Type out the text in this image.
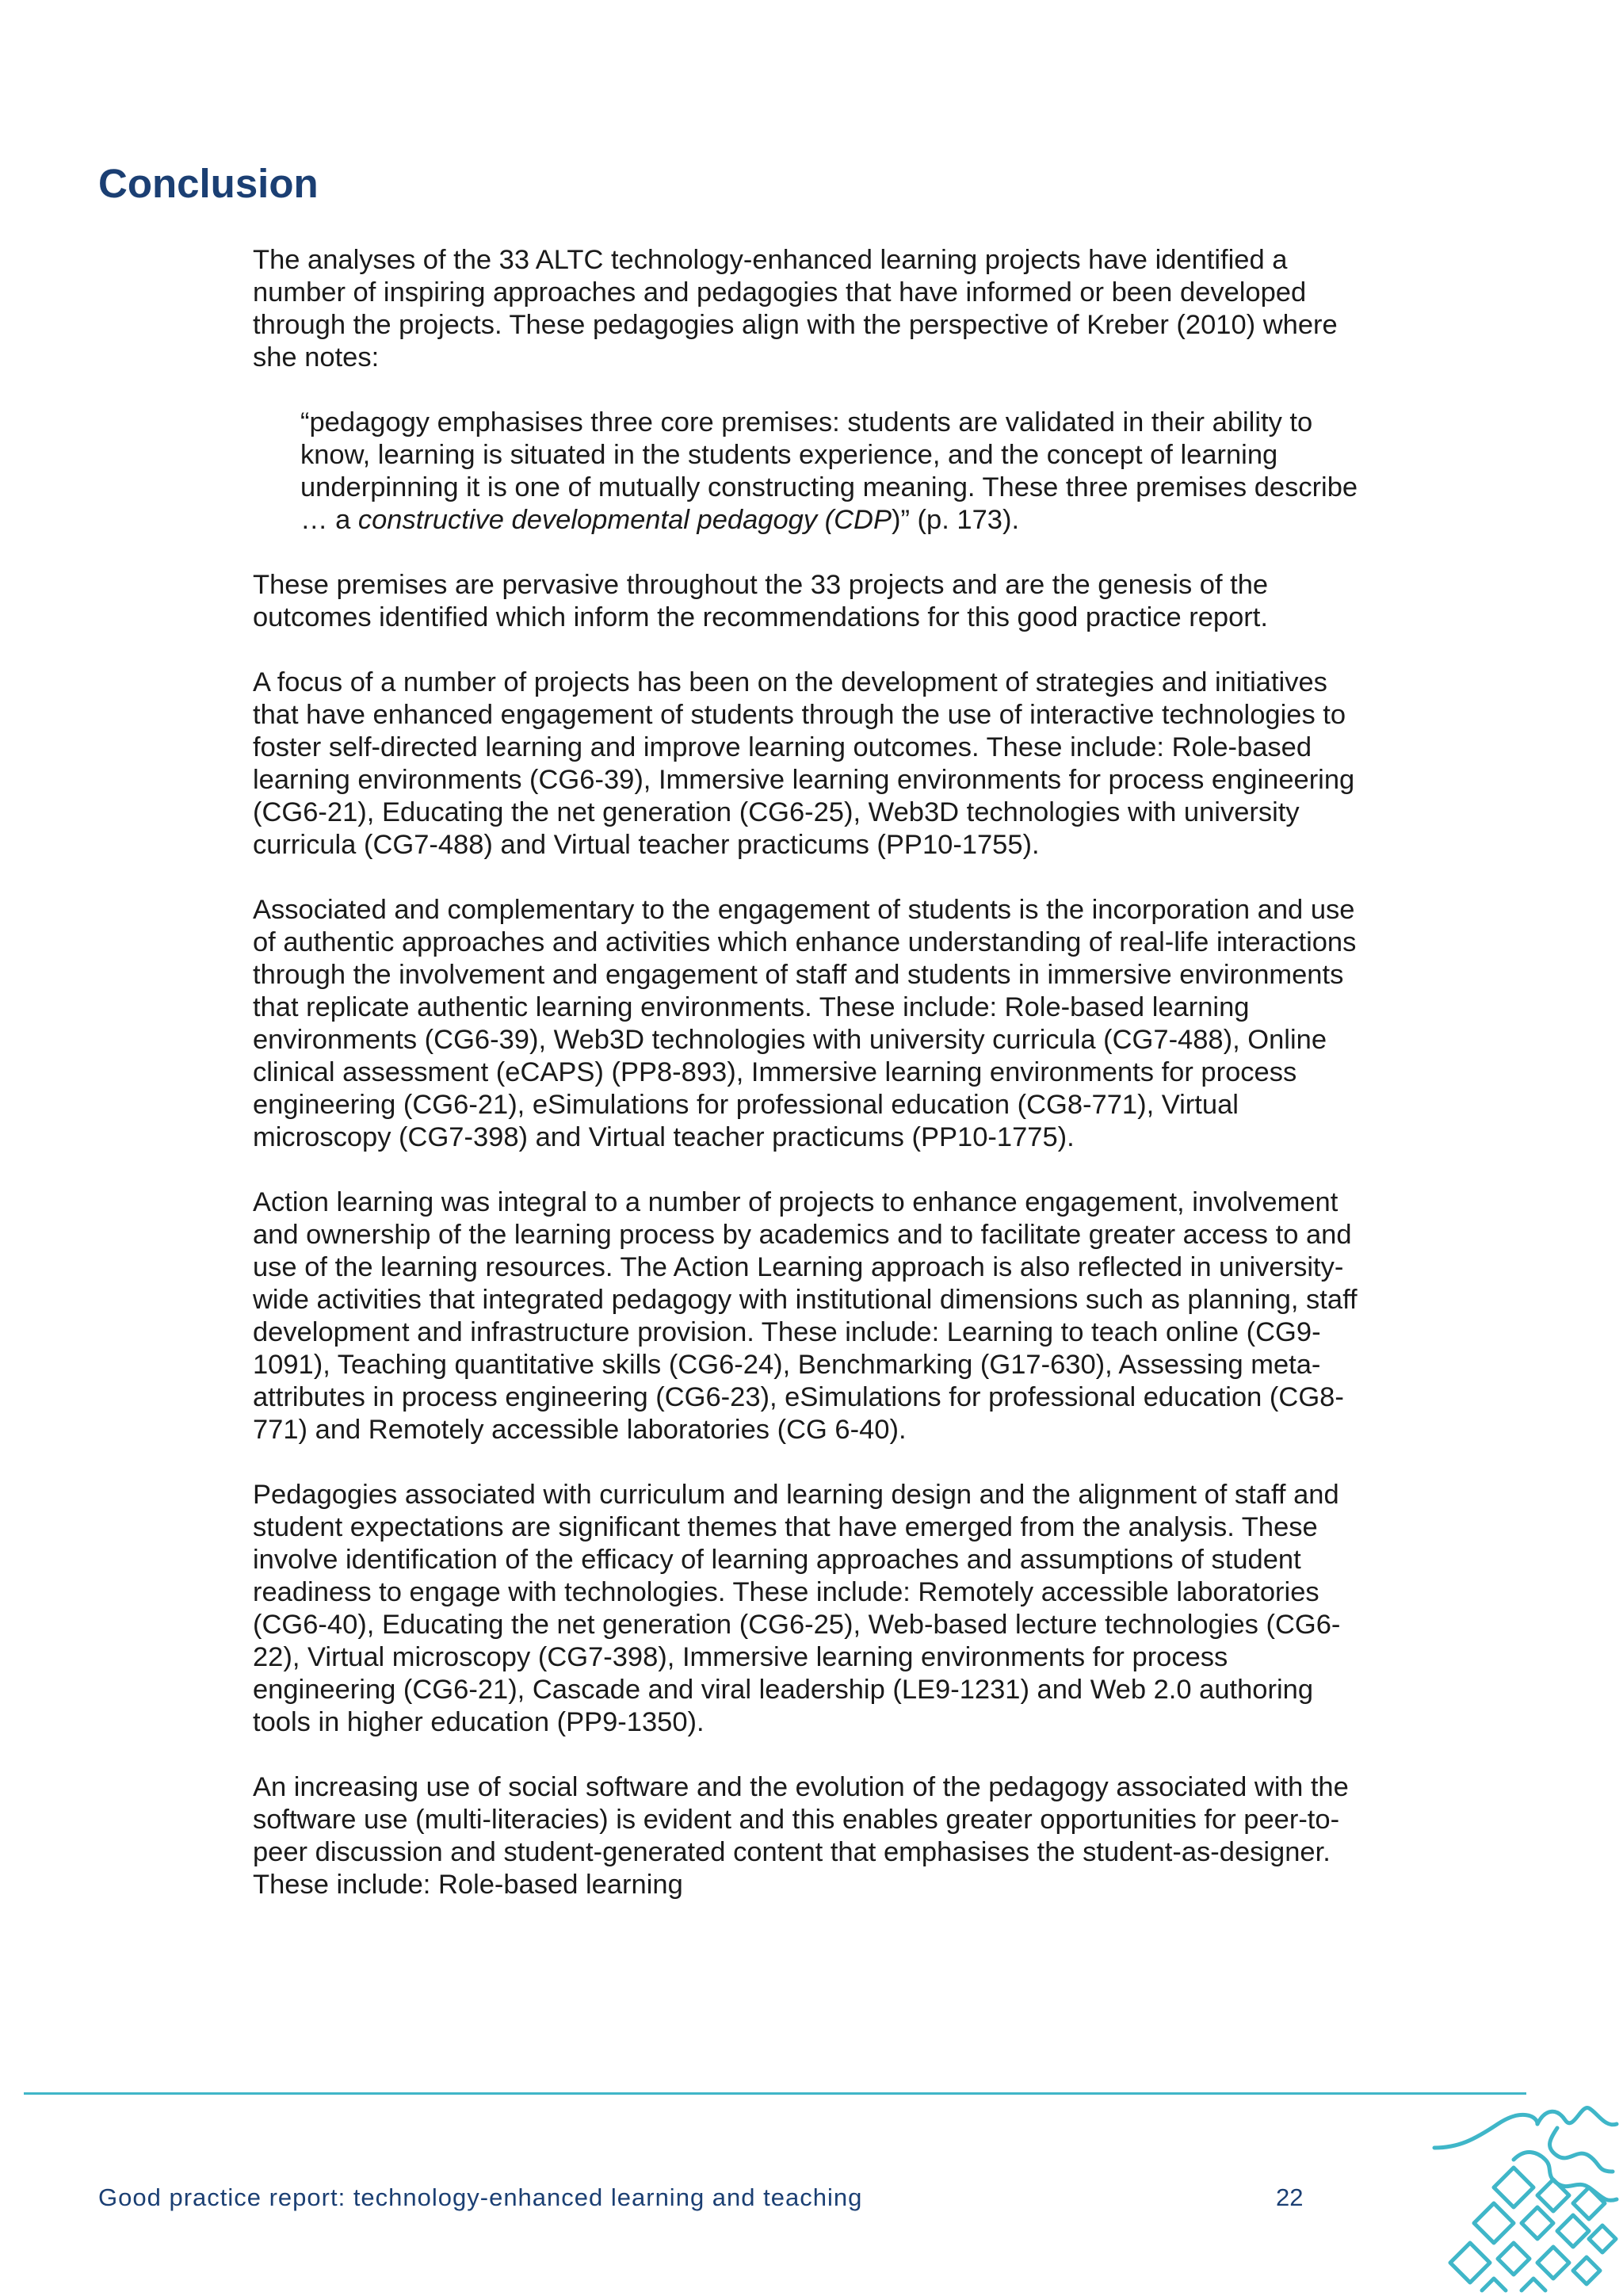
Conclusion

The analyses of the 33 ALTC technology-enhanced learning projects have identified a number of inspiring approaches and pedagogies that have informed or been developed through the projects. These pedagogies align with the perspective of Kreber (2010) where she notes:

“pedagogy emphasises three core premises: students are validated in their ability to know, learning is situated in the students experience, and the concept of learning underpinning it is one of mutually constructing meaning. These three premises describe … a constructive developmental pedagogy (CDP)” (p. 173).

These premises are pervasive throughout the 33 projects and are the genesis of the outcomes identified which inform the recommendations for this good practice report.

A focus of a number of projects has been on the development of strategies and initiatives that have enhanced engagement of students through the use of interactive technologies to foster self-directed learning and improve learning outcomes. These include: Role-based learning environments (CG6-39), Immersive learning environments for process engineering (CG6-21), Educating the net generation (CG6-25), Web3D technologies with university curricula (CG7-488) and Virtual teacher practicums (PP10-1755).

Associated and complementary to the engagement of students is the incorporation and use of authentic approaches and activities which enhance understanding of real-life interactions through the involvement and engagement of staff and students in immersive environments that replicate authentic learning environments. These include: Role-based learning environments (CG6-39), Web3D technologies with university curricula (CG7-488), Online clinical assessment (eCAPS) (PP8-893), Immersive learning environments for process engineering (CG6-21), eSimulations for professional education (CG8-771), Virtual microscopy (CG7-398) and Virtual teacher practicums (PP10-1775).

Action learning was integral to a number of projects to enhance engagement, involvement and ownership of the learning process by academics and to facilitate greater access to and use of the learning resources. The Action Learning approach is also reflected in university-wide activities that integrated pedagogy with institutional dimensions such as planning, staff development and infrastructure provision. These include: Learning to teach online (CG9-1091), Teaching quantitative skills (CG6-24), Benchmarking (G17-630), Assessing meta-attributes in process engineering (CG6-23), eSimulations for professional education (CG8-771) and Remotely accessible laboratories (CG 6-40).

Pedagogies associated with curriculum and learning design and the alignment of staff and student expectations are significant themes that have emerged from the analysis. These involve identification of the efficacy of learning approaches and assumptions of student readiness to engage with technologies. These include: Remotely accessible laboratories (CG6-40), Educating the net generation (CG6-25), Web-based lecture technologies (CG6-22), Virtual microscopy (CG7-398), Immersive learning environments for process engineering (CG6-21), Cascade and viral leadership (LE9-1231) and Web 2.0 authoring tools in higher education (PP9-1350).

An increasing use of social software and the evolution of the pedagogy associated with the software use (multi-literacies) is evident and this enables greater opportunities for peer-to-peer discussion and student-generated content that emphasises the student-as-designer. These include: Role-based learning

Good practice report: technology-enhanced learning and teaching	22
